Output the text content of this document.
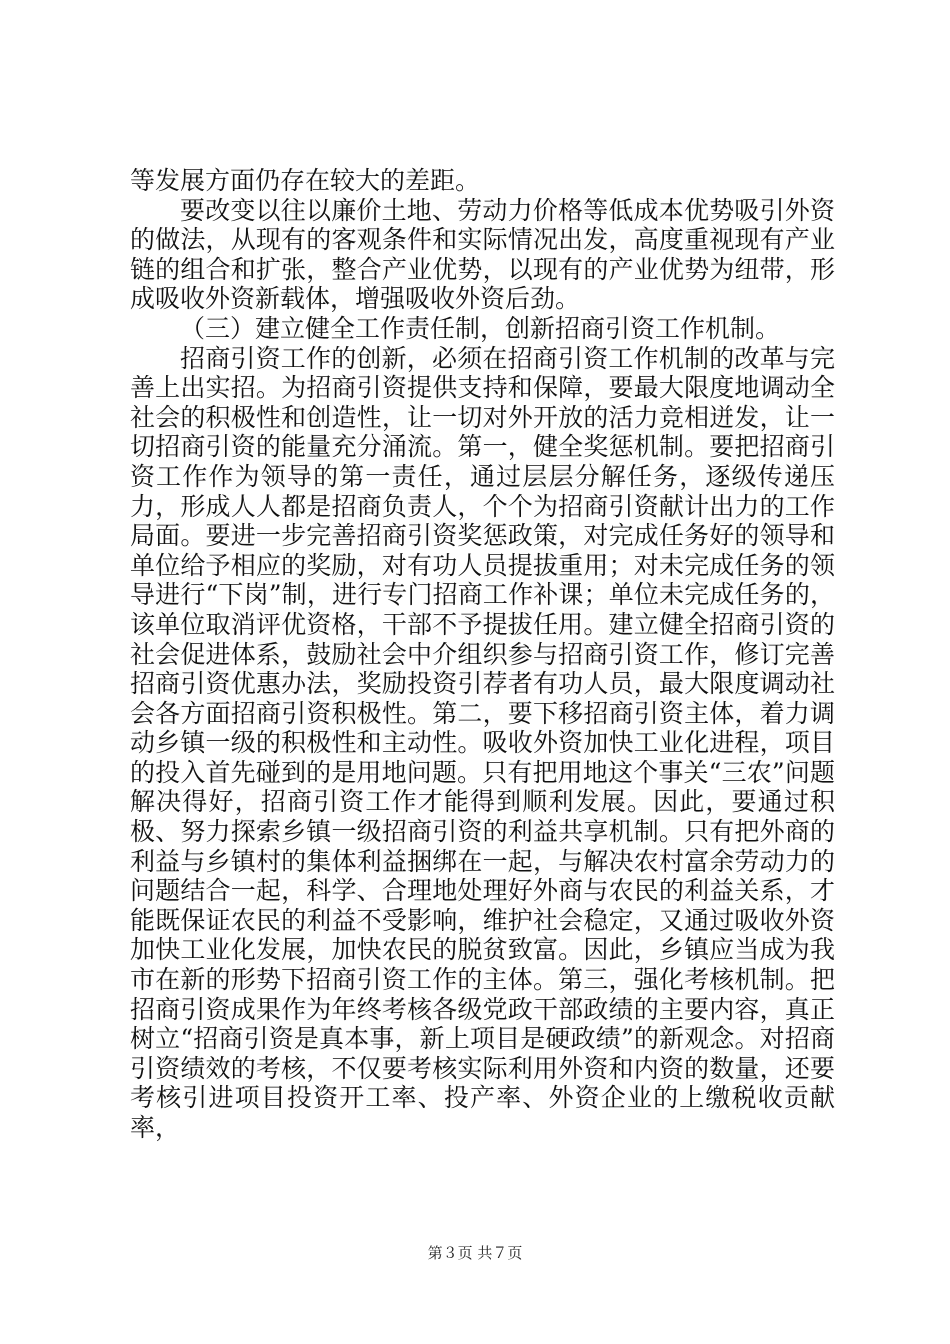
等发展方面仍存在较大的差距。

要改变以往以廉价土地、劳动力价格等低成本优势吸引外资的做法，从现有的客观条件和实际情况出发，高度重视现有产业链的组合和扩张，整合产业优势，以现有的产业优势为纽带，形成吸收外资新载体，增强吸收外资后劲。

（三）建立健全工作责任制，创新招商引资工作机制。

招商引资工作的创新，必须在招商引资工作机制的改革与完善上出实招。为招商引资提供支持和保障，要最大限度地调动全社会的积极性和创造性，让一切对外开放的活力竞相迸发，让一切招商引资的能量充分涌流。第一，健全奖惩机制。要把招商引资工作作为领导的第一责任，通过层层分解任务，逐级传递压力，形成人人都是招商负责人，个个为招商引资献计出力的工作局面。要进一步完善招商引资奖惩政策，对完成任务好的领导和单位给予相应的奖励，对有功人员提拔重用；对未完成任务的领导进行“下岗”制，进行专门招商工作补课；单位未完成任务的，该单位取消评优资格，干部不予提拔任用。建立健全招商引资的社会促进体系，鼓励社会中介组织参与招商引资工作，修订完善招商引资优惠办法，奖励投资引荐者有功人员，最大限度调动社会各方面招商引资积极性。第二，要下移招商引资主体，着力调动乡镇一级的积极性和主动性。吸收外资加快工业化进程，项目的投入首先碰到的是用地问题。只有把用地这个事关“三农”问题解决得好，招商引资工作才能得到顺利发展。因此，要通过积极、努力探索乡镇一级招商引资的利益共享机制。只有把外商的利益与乡镇村的集体利益捆绑在一起，与解决农村富余劳动力的问题结合一起，科学、合理地处理好外商与农民的利益关系，才能既保证农民的利益不受影响，维护社会稳定，又通过吸收外资加快工业化发展，加快农民的脱贫致富。因此，乡镇应当成为我市在新的形势下招商引资工作的主体。第三，强化考核机制。把招商引资成果作为年终考核各级党政干部政绩的主要内容，真正树立“招商引资是真本事，新上项目是硬政绩”的新观念。对招商引资绩效的考核，不仅要考核实际利用外资和内资的数量，还要考核引进项目投资开工率、投产率、外资企业的上缴税收贡献率，

第３页 共７页
